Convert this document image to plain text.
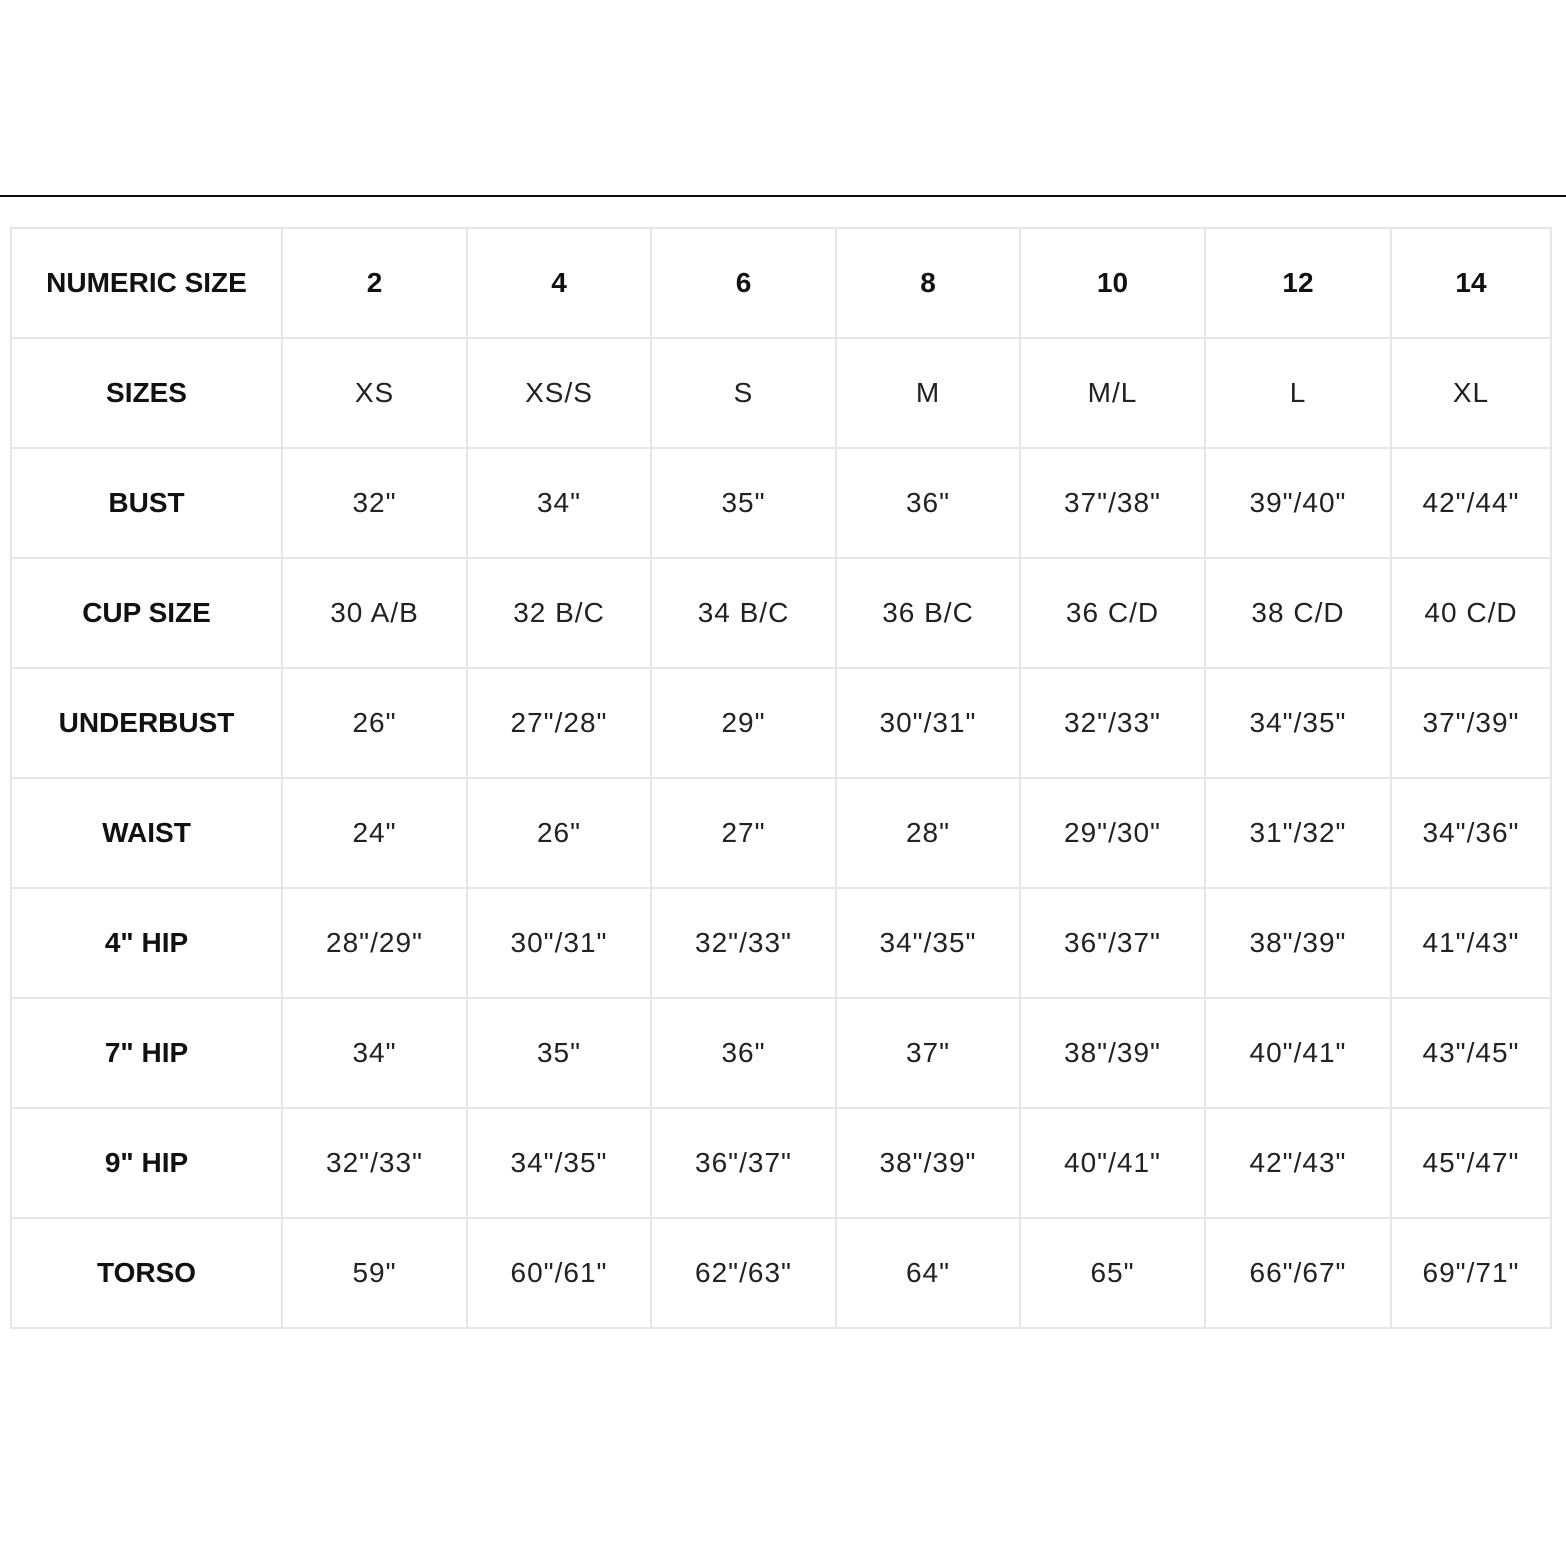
NUMERIC SIZE	2	4	6	8	10	12	14
SIZES	XS	XS/S	S	M	M/L	L	XL
BUST	32"	34"	35"	36"	37"/38"	39"/40"	42"/44"
CUP SIZE	30 A/B	32 B/C	34 B/C	36 B/C	36 C/D	38 C/D	40 C/D
UNDERBUST	26"	27"/28"	29"	30"/31"	32"/33"	34"/35"	37"/39"
WAIST	24"	26"	27"	28"	29"/30"	31"/32"	34"/36"
4" HIP	28"/29"	30"/31"	32"/33"	34"/35"	36"/37"	38"/39"	41"/43"
7" HIP	34"	35"	36"	37"	38"/39"	40"/41"	43"/45"
9" HIP	32"/33"	34"/35"	36"/37"	38"/39"	40"/41"	42"/43"	45"/47"
TORSO	59"	60"/61"	62"/63"	64"	65"	66"/67"	69"/71"
